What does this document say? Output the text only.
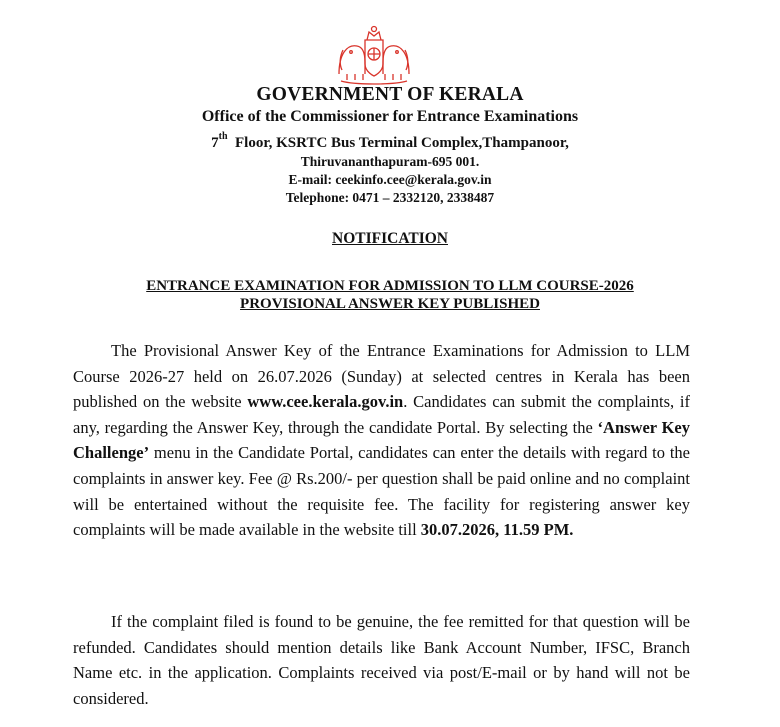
GOVERNMENT OF KERALA
Office of the Commissioner for Entrance Examinations
7th Floor, KSRTC Bus Terminal Complex,Thampanoor,
Thiruvananthapuram-695 001.
E-mail: ceekinfo.cee@kerala.gov.in
Telephone: 0471 – 2332120, 2338487
NOTIFICATION
ENTRANCE EXAMINATION FOR ADMISSION TO LLM COURSE-2026
PROVISIONAL ANSWER KEY PUBLISHED

The Provisional Answer Key of the Entrance Examinations for Admission to LLM Course 2026-27 held on 26.07.2026 (Sunday) at selected centres in Kerala has been published on the website www.cee.kerala.gov.in. Candidates can submit the complaints, if any, regarding the Answer Key, through the candidate Portal. By selecting the ‘Answer Key Challenge’ menu in the Candidate Portal, candidates can enter the details with regard to the complaints in answer key. Fee @ Rs.200/- per question shall be paid online and no complaint will be entertained without the requisite fee. The facility for registering answer key complaints will be made available in the website till 30.07.2026, 11.59 PM.

If the complaint filed is found to be genuine, the fee remitted for that question will be refunded. Candidates should mention details like Bank Account Number, IFSC, Branch Name etc. in the application. Complaints received via post/E-mail or by hand will not be considered.
